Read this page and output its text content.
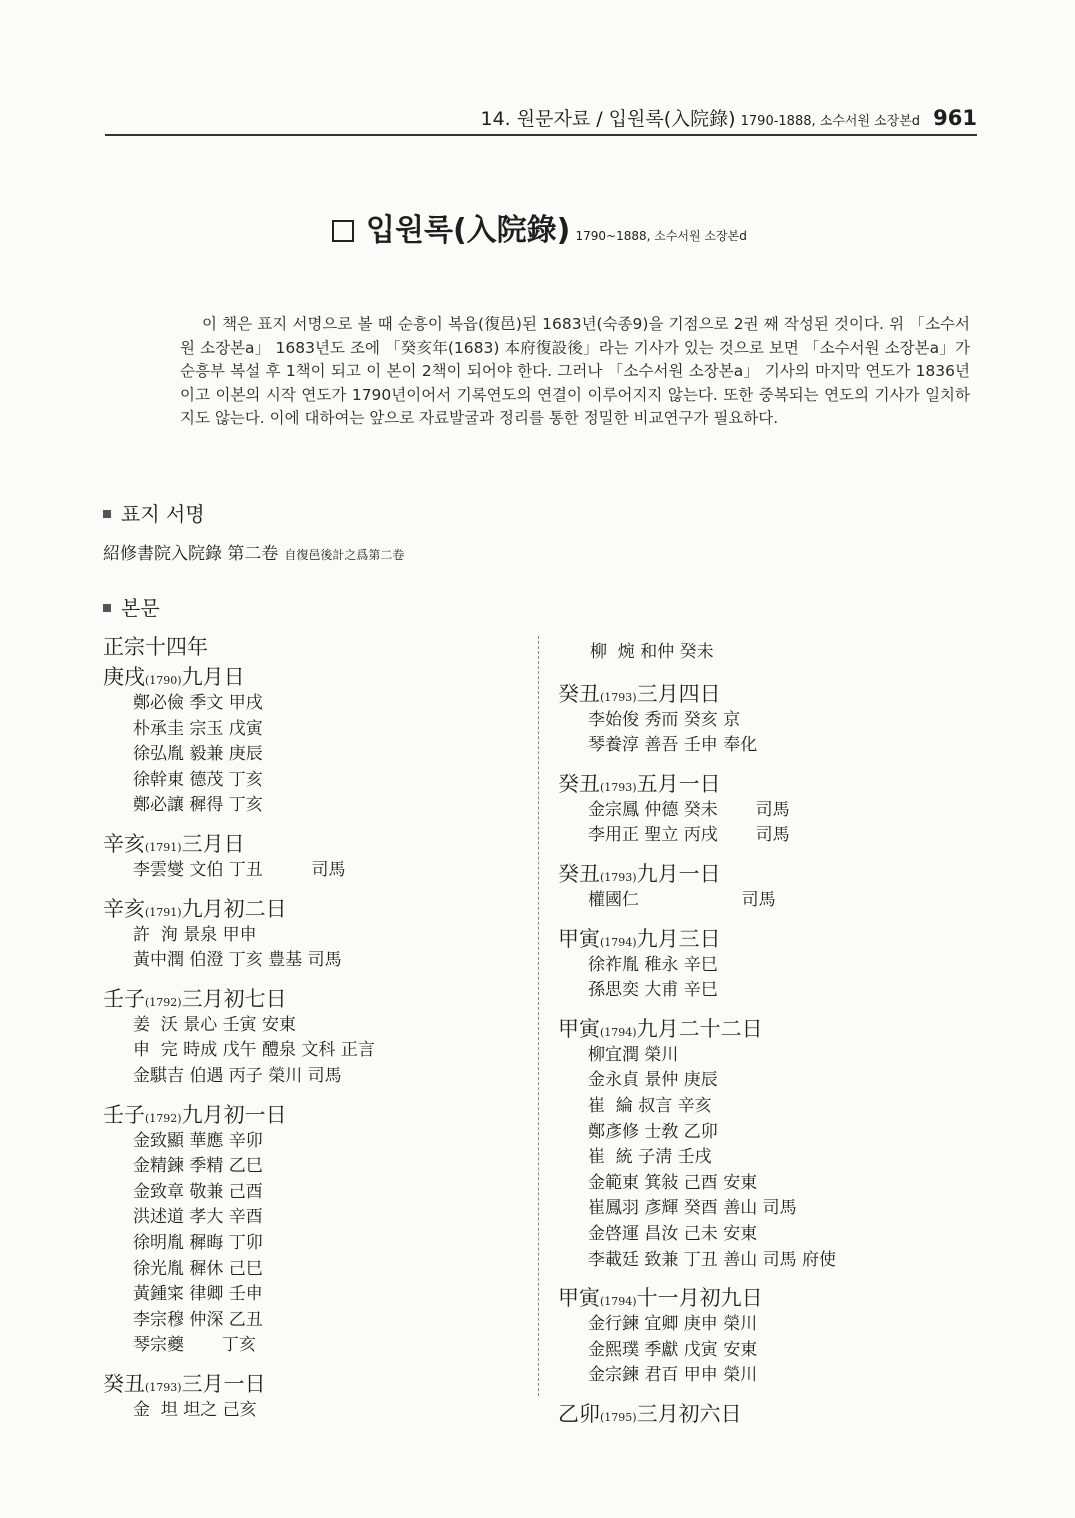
14. 원문자료 / 입원록(入院錄) 1790-1888, 소수서원 소장본d 961
입원록(入院錄) 1790~1888, 소수서원 소장본d

이 책은 표지 서명으로 볼 때 순흥이 복읍(復邑)된 1683년(숙종9)을 기점으로 2권 째 작성된 것이다. 위 「소수서원 소장본a」 1683년도 조에 「癸亥年(1683) 本府復設後」라는 기사가 있는 것으로 보면 「소수서원 소장본a」가 순흥부 복설 후 1책이 되고 이 본이 2책이 되어야 한다. 그러나 「소수서원 소장본a」 기사의 마지막 연도가 1836년이고 이본의 시작 연도가 1790년이어서 기록연도의 연결이 이루어지지 않는다. 또한 중복되는 연도의 기사가 일치하지도 않는다. 이에 대하여는 앞으로 자료발굴과 정리를 통한 정밀한 비교연구가 필요하다.

표지 서명
紹修書院入院錄 第二卷 自復邑後計之爲第二卷
본문
正宗十四年
庚戌(1790)九月日
鄭必儉 季文 甲戌
朴承圭 宗玉 戊寅
徐弘胤 毅兼 庚辰
徐幹東 德茂 丁亥
鄭必讓 穉得 丁亥
辛亥(1791)三月日
李雲燮 文伯 丁丑         司馬
辛亥(1791)九月初二日
許  洵 景泉 甲申
黃中潤 伯澄 丁亥 豊基 司馬
壬子(1792)三月初七日
姜  沃 景心 壬寅 安東
申  完 時成 戊午 醴泉 文科 正言
金騏吉 伯遇 丙子 榮川 司馬
壬子(1792)九月初一日
金致顯 華應 辛卯
金精鍊 季精 乙巳
金致章 敬兼 己酉
洪述道 孝大 辛酉
徐明胤 穉晦 丁卯
徐光胤 穉休 己巳
黃鍾寀 律卿 壬申
李宗穆 仲深 乙丑
琴宗夔       丁亥
癸丑(1793)三月一日
金  坦 坦之 己亥
柳  焥 和仲 癸未
癸丑(1793)三月四日
李始俊 秀而 癸亥 京
琴養淳 善吾 壬申 奉化
癸丑(1793)五月一日
金宗鳳 仲德 癸未       司馬
李用正 聖立 丙戌       司馬
癸丑(1793)九月一日
權國仁                   司馬
甲寅(1794)九月三日
徐祚胤 稚永 辛巳
孫思奕 大甫 辛巳
甲寅(1794)九月二十二日
柳宜潤 榮川
金永貞 景仲 庚辰
崔  綸 叔言 辛亥
鄭彥修 士敎 乙卯
崔  統 子淸 壬戌
金範東 箕敍 己酉 安東
崔鳳羽 彥輝 癸酉 善山 司馬
金啓運 昌汝 己未 安東
李載廷 致兼 丁丑 善山 司馬 府使
甲寅(1794)十一月初九日
金行鍊 宜卿 庚申 榮川
金熙璞 季獻 戊寅 安東
金宗鍊 君百 甲申 榮川
乙卯(1795)三月初六日
